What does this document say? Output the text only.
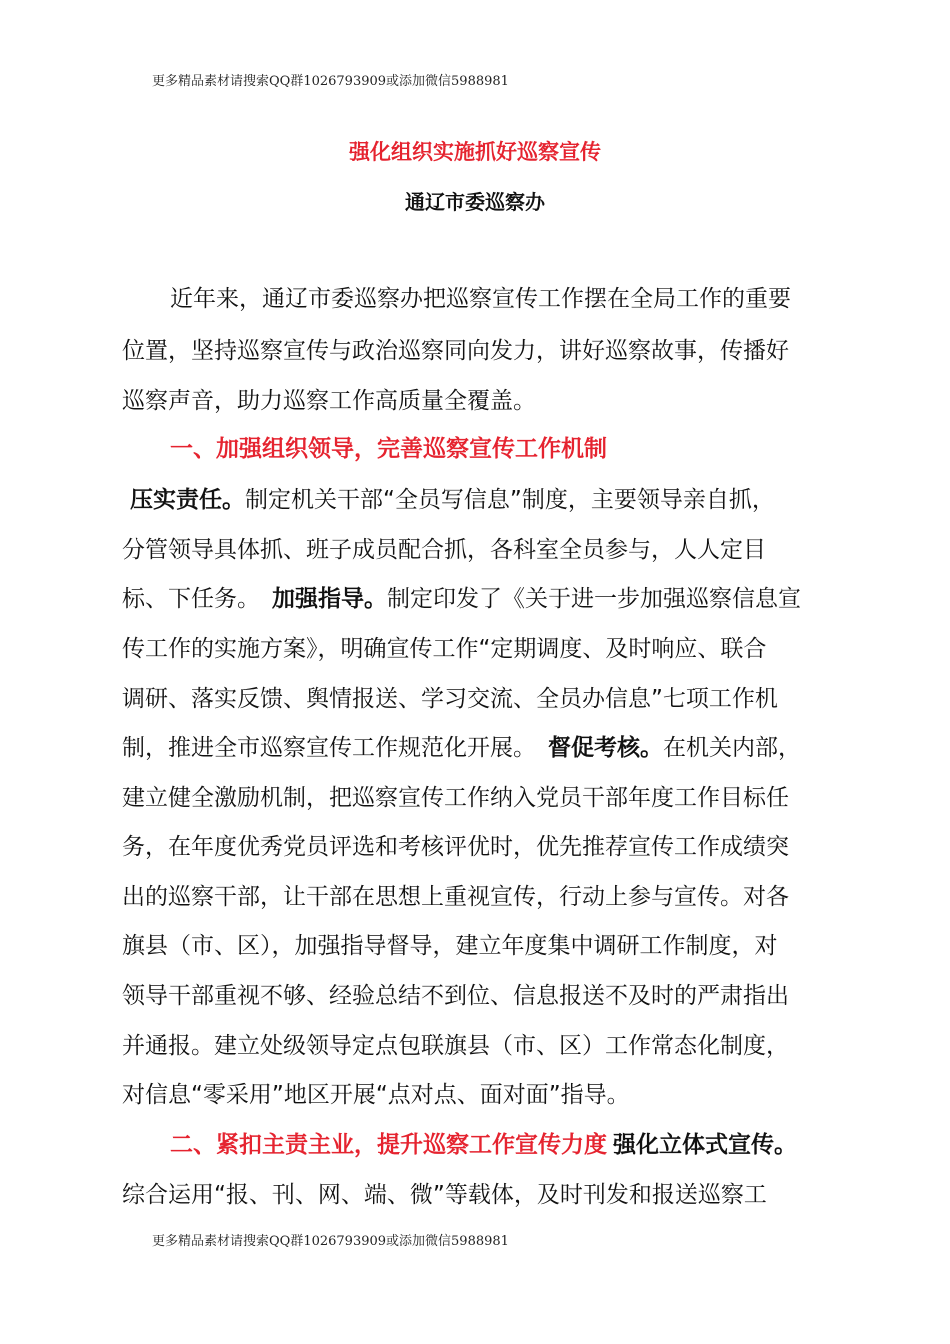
更多精品素材请搜索QQ群1026793909或添加微信5988981
强化组织实施抓好巡察宣传
通辽市委巡察办
近年来，通辽市委巡察办把巡察宣传工作摆在全局工作的重要
位置，坚持巡察宣传与政治巡察同向发力，讲好巡察故事，传播好
巡察声音，助力巡察工作高质量全覆盖。
一、加强组织领导，完善巡察宣传工作机制
压实责任。制定机关干部“全员写信息”制度，主要领导亲自抓，
分管领导具体抓、班子成员配合抓，各科室全员参与，人人定目
标、下任务。 加强指导。制定印发了《关于进一步加强巡察信息宣
传工作的实施方案》，明确宣传工作“定期调度、及时响应、联合
调研、落实反馈、舆情报送、学习交流、全员办信息”七项工作机
制，推进全市巡察宣传工作规范化开展。 督促考核。在机关内部，
建立健全激励机制，把巡察宣传工作纳入党员干部年度工作目标任
务，在年度优秀党员评选和考核评优时，优先推荐宣传工作成绩突
出的巡察干部，让干部在思想上重视宣传，行动上参与宣传。对各
旗县（市、区），加强指导督导，建立年度集中调研工作制度，对
领导干部重视不够、经验总结不到位、信息报送不及时的严肃指出
并通报。建立处级领导定点包联旗县（市、区）工作常态化制度，
对信息“零采用”地区开展“点对点、面对面”指导。
二、紧扣主责主业，提升巡察工作宣传力度 强化立体式宣传。
综合运用“报、刊、网、端、微”等载体，及时刊发和报送巡察工
更多精品素材请搜索QQ群1026793909或添加微信5988981
